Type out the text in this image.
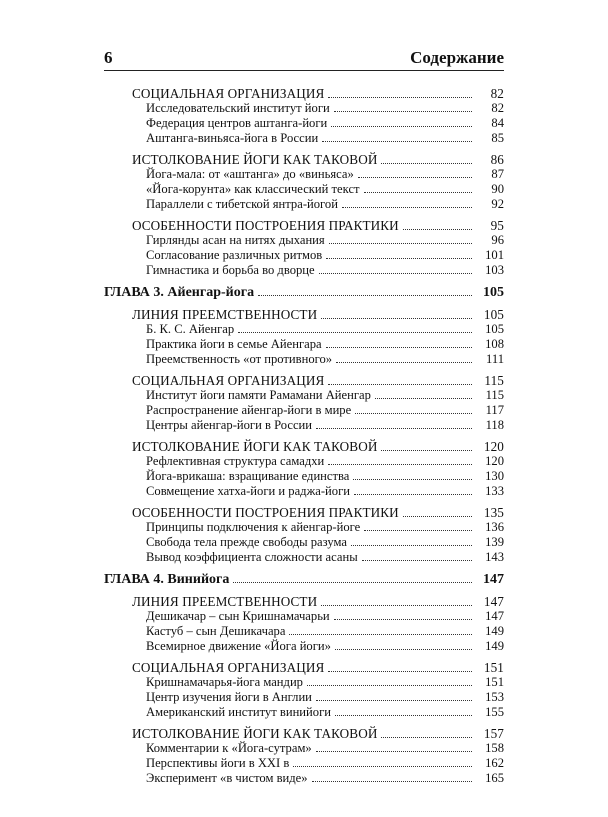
6	Содержание
СОЦИАЛЬНАЯ ОРГАНИЗАЦИЯ	82
Исследовательский институт йоги	82
Федерация центров аштанга-йоги	84
Аштанга-виньяса-йога в России	85
ИСТОЛКОВАНИЕ ЙОГИ КАК ТАКОВОЙ	86
Йога-мала: от «аштанга» до «виньяса»	87
«Йога-корунта» как классический текст	90
Параллели с тибетской янтра-йогой	92
ОСОБЕННОСТИ ПОСТРОЕНИЯ ПРАКТИКИ	95
Гирлянды асан на нитях дыхания	96
Согласование различных ритмов	101
Гимнастика и борьба во дворце	103
ГЛАВА 3. Айенгар-йога	105
ЛИНИЯ ПРЕЕМСТВЕННОСТИ	105
Б. К. С. Айенгар	105
Практика йоги в семье Айенгара	108
Преемственность «от противного»	111
СОЦИАЛЬНАЯ ОРГАНИЗАЦИЯ	115
Институт йоги памяти Рамамани Айенгар	115
Распространение айенгар-йоги в мире	117
Центры айенгар-йоги в России	118
ИСТОЛКОВАНИЕ ЙОГИ КАК ТАКОВОЙ	120
Рефлективная структура самадхи	120
Йога-врикаша: взращивание единства	130
Совмещение хатха-йоги и раджа-йоги	133
ОСОБЕННОСТИ ПОСТРОЕНИЯ ПРАКТИКИ	135
Принципы подключения к айенгар-йоге	136
Свобода тела прежде свободы разума	139
Вывод коэффициента сложности асаны	143
ГЛАВА 4. Винийога	147
ЛИНИЯ ПРЕЕМСТВЕННОСТИ	147
Дешикачар – сын Кришнамачарьи	147
Кастуб – сын Дешикачара	149
Всемирное движение «Йога йоги»	149
СОЦИАЛЬНАЯ ОРГАНИЗАЦИЯ	151
Кришнамачарья-йога мандир	151
Центр изучения йоги в Англии	153
Американский институт винийоги	155
ИСТОЛКОВАНИЕ ЙОГИ КАК ТАКОВОЙ	157
Комментарии к «Йога-сутрам»	158
Перспективы йоги в XXI в	162
Эксперимент «в чистом виде»	165
